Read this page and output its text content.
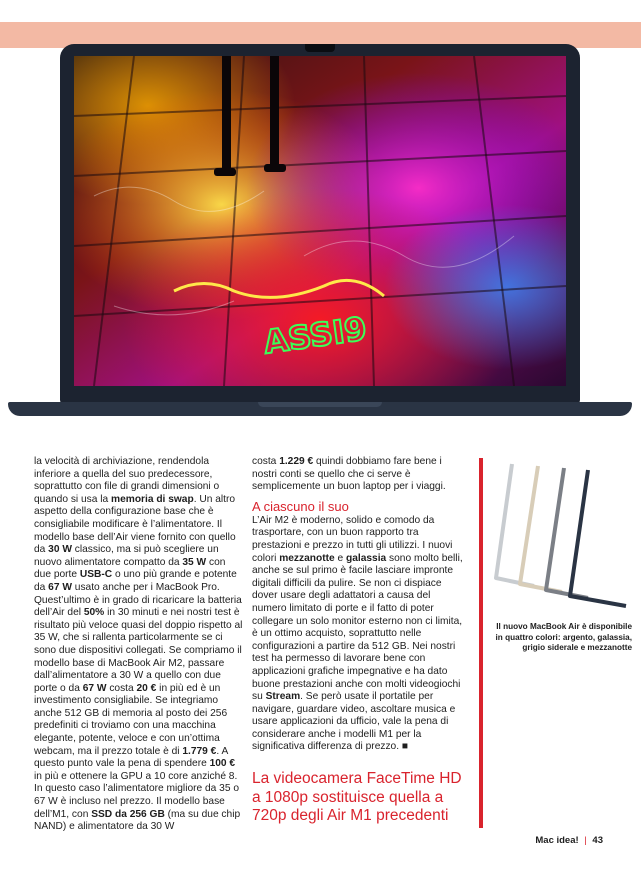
ASSI9

la velocità di archiviazione, rendendola inferiore a quella del suo predecessore, soprattutto con file di grandi dimensioni o quando si usa la memoria di swap. Un altro aspetto della configurazione base che è consigliabile modificare è l’alimentatore. Il modello base dell’Air viene fornito con quello da 30 W classico, ma si può scegliere un nuovo alimentatore compatto da 35 W con due porte USB-C o uno più grande e potente da 67 W usato anche per i MacBook Pro. Quest’ultimo è in grado di ricaricare la batteria dell’Air del 50% in 30 minuti e nei nostri test è risultato più veloce quasi del doppio rispetto al 35 W, che si rallenta particolarmente se ci sono due dispositivi collegati. Se compriamo il modello base di MacBook Air M2, passare dall’alimentatore a 30 W a quello con due porte o da 67 W costa 20 € in più ed è un investimento consigliabile. Se integriamo anche 512 GB di memoria al posto dei 256 predefiniti ci troviamo con una macchina elegante, potente, veloce e con un’ottima webcam, ma il prezzo totale è di 1.779 €. A questo punto vale la pena di spendere 100 € in più e ottenere la GPU a 10 core anziché 8. In questo caso l’alimentatore migliore da 35 o 67 W è incluso nel prezzo. Il modello base dell’M1, con SSD da 256 GB (ma su due chip NAND) e alimentatore da 30 W

costa 1.229 € quindi dobbiamo fare bene i nostri conti se quello che ci serve è semplicemente un buon laptop per i viaggi.

A ciascuno il suo

L’Air M2 è moderno, solido e comodo da trasportare, con un buon rapporto tra prestazioni e prezzo in tutti gli utilizzi. I nuovi colori mezzanotte e galassia sono molto belli, anche se sul primo è facile lasciare impronte digitali difficili da pulire. Se non ci dispiace dover usare degli adattatori a causa del numero limitato di porte e il fatto di poter collegare un solo monitor esterno non ci limita, è un ottimo acquisto, soprattutto nelle configurazioni a partire da 512 GB. Nei nostri test ha permesso di lavorare bene con applicazioni grafiche impegnative e ha dato buone prestazioni anche con molti videogiochi su Stream. Se però usate il portatile per navigare, guardare video, ascoltare musica e usare applicazioni da ufficio, vale la pena di considerare anche i modelli M1 per la significativa differenza di prezzo. ■

La videocamera FaceTime HD a 1080p sostituisce quella a 720p degli Air M1 precedenti
Il nuovo MacBook Air è disponibile in quattro colori: argento, galassia, grigio siderale e mezzanotte
Mac idea! | 43
